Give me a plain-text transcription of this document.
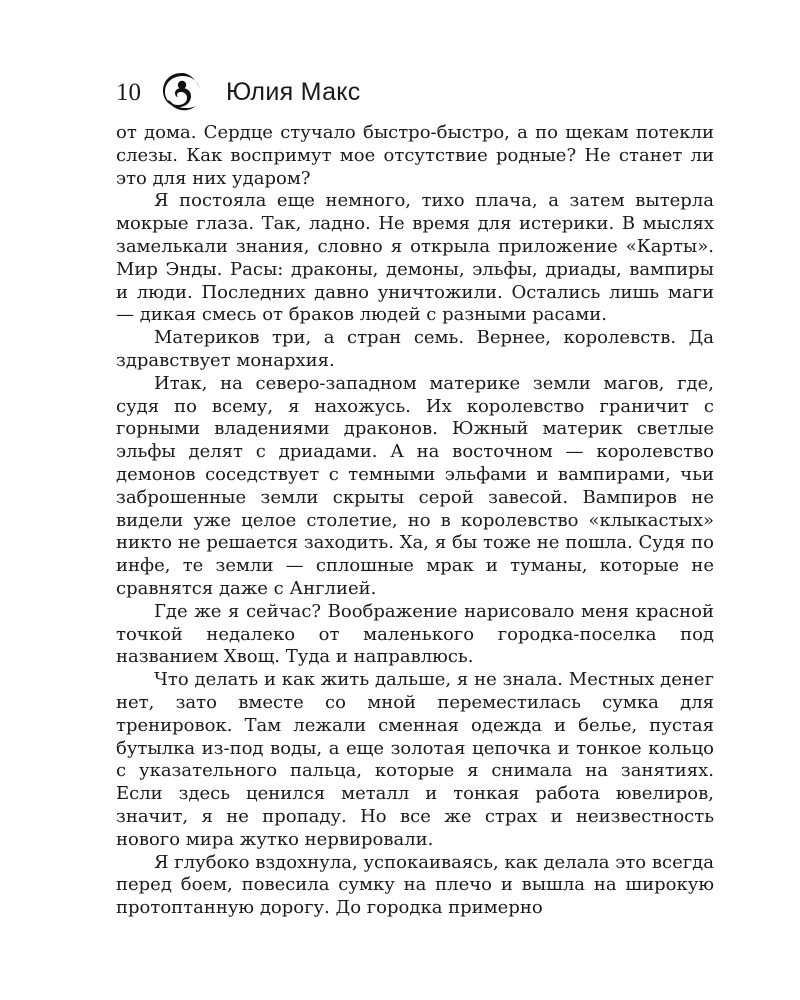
10	Юлия Макс

от дома. Сердце стучало быстро-быстро, а по щекам потекли слезы. Как воспримут мое отсутствие родные? Не станет ли это для них ударом?

Я постояла еще немного, тихо плача, а затем вытерла мокрые глаза. Так, ладно. Не время для истерики. В мыслях замелькали знания, словно я открыла приложение «Карты». Мир Энды. Расы: драконы, демоны, эльфы, дриады, вампиры и люди. Последних давно уничтожили. Остались лишь маги — дикая смесь от браков людей с разными расами.

Материков три, а стран семь. Вернее, королевств. Да здравствует монархия.

Итак, на северо-западном материке земли магов, где, судя по всему, я нахожусь. Их королевство граничит с горными владениями драконов. Южный материк светлые эльфы делят с дриадами. А на восточном — королевство демонов соседствует с темными эльфами и вампирами, чьи заброшенные земли скрыты серой завесой. Вампиров не видели уже целое столетие, но в королевство «клыкастых» никто не решается заходить. Ха, я бы тоже не пошла. Судя по инфе, те земли — сплошные мрак и туманы, которые не сравнятся даже с Англией.

Где же я сейчас? Воображение нарисовало меня красной точкой недалеко от маленького городка-поселка под названием Хвощ. Туда и направлюсь.

Что делать и как жить дальше, я не знала. Местных денег нет, зато вместе со мной переместилась сумка для тренировок. Там лежали сменная одежда и белье, пустая бутылка из-под воды, а еще золотая цепочка и тонкое кольцо с указательного пальца, которые я снимала на занятиях. Если здесь ценился металл и тонкая работа ювелиров, значит, я не пропаду. Но все же страх и неизвестность нового мира жутко нервировали.

Я глубоко вздохнула, успокаиваясь, как делала это всегда перед боем, повесила сумку на плечо и вышла на широкую протоптанную дорогу. До городка примерно
